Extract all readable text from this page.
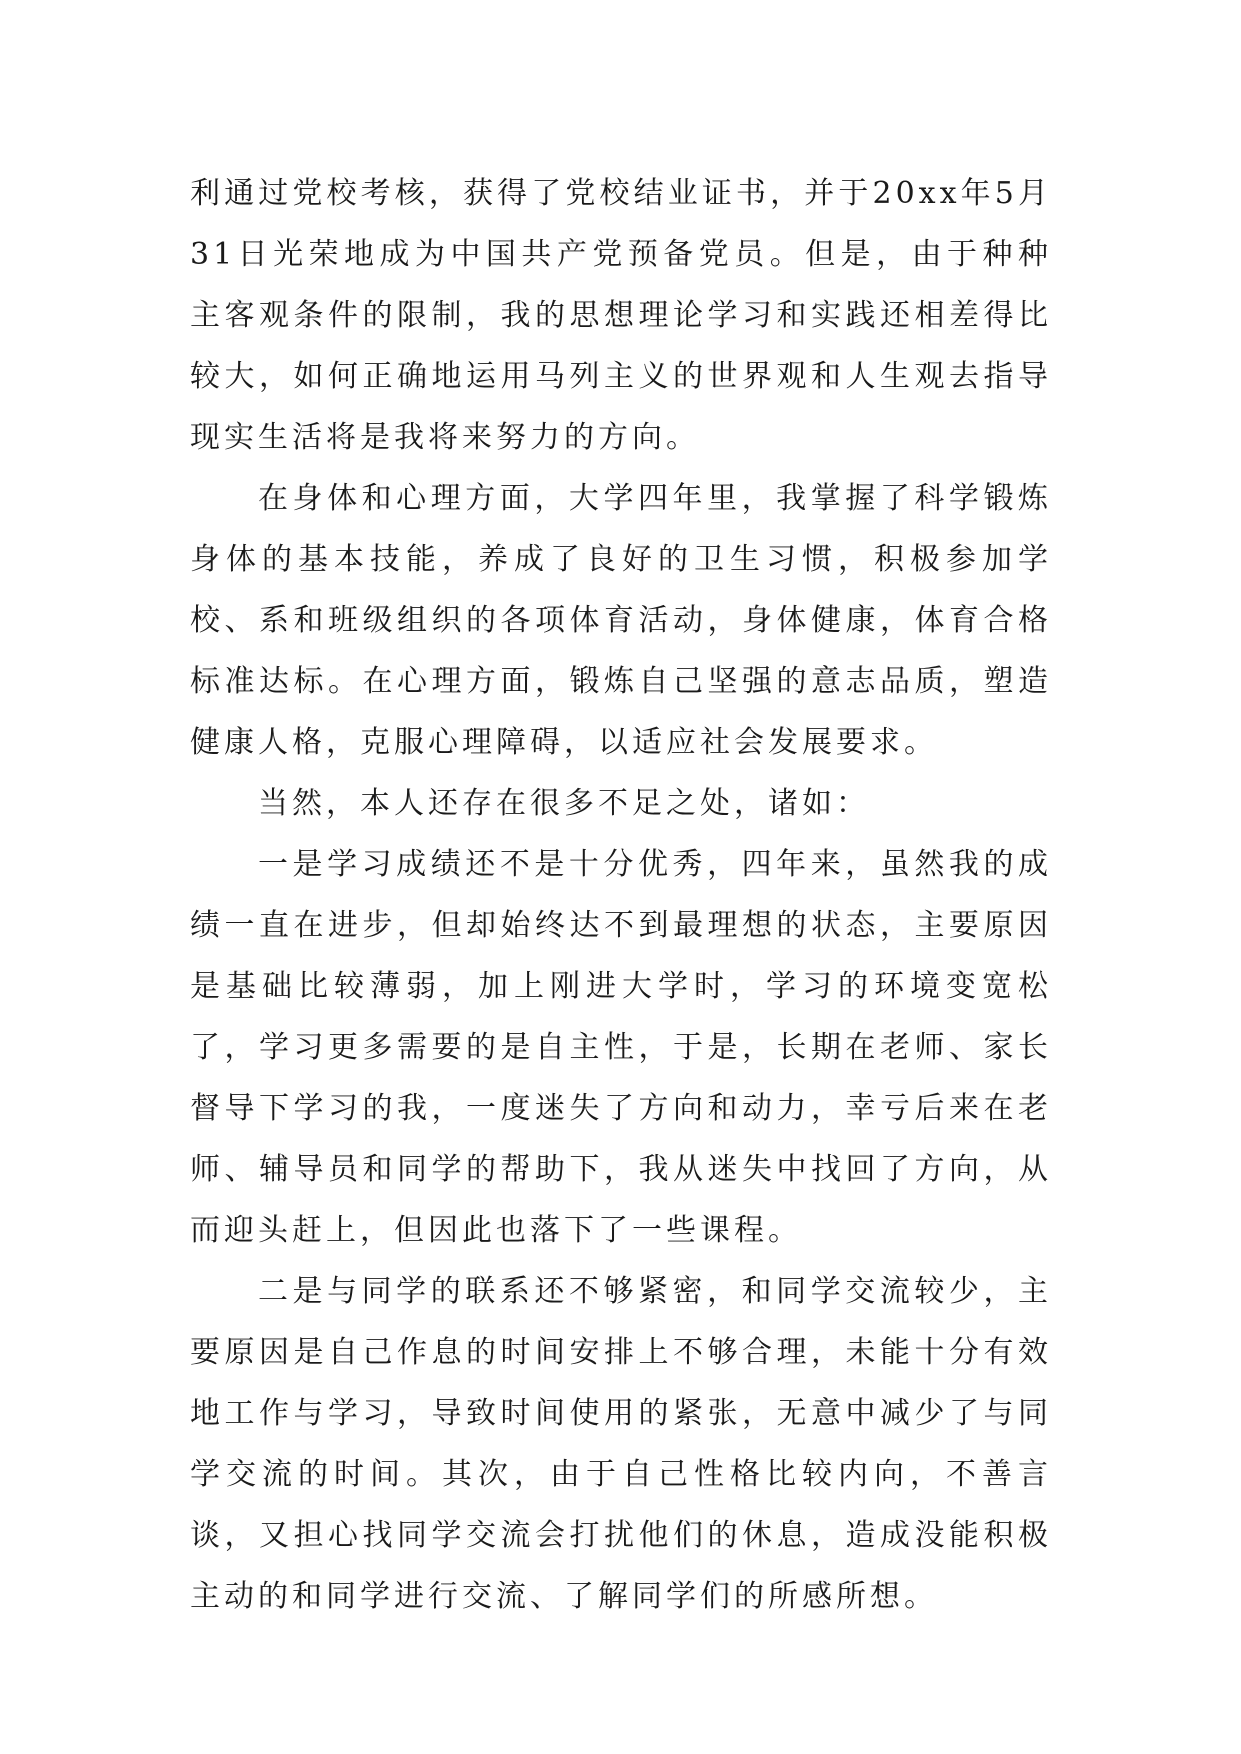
利通过党校考核，获得了党校结业证书，并于20xx年5月31日光荣地成为中国共产党预备党员。但是，由于种种主客观条件的限制，我的思想理论学习和实践还相差得比较大，如何正确地运用马列主义的世界观和人生观去指导现实生活将是我将来努力的方向。

在身体和心理方面，大学四年里，我掌握了科学锻炼身体的基本技能，养成了良好的卫生习惯，积极参加学校、系和班级组织的各项体育活动，身体健康，体育合格标准达标。在心理方面，锻炼自己坚强的意志品质，塑造健康人格，克服心理障碍，以适应社会发展要求。

当然，本人还存在很多不足之处，诸如：

一是学习成绩还不是十分优秀，四年来，虽然我的成绩一直在进步，但却始终达不到最理想的状态，主要原因是基础比较薄弱，加上刚进大学时，学习的环境变宽松了，学习更多需要的是自主性，于是，长期在老师、家长督导下学习的我，一度迷失了方向和动力，幸亏后来在老师、辅导员和同学的帮助下，我从迷失中找回了方向，从而迎头赶上，但因此也落下了一些课程。

二是与同学的联系还不够紧密，和同学交流较少，主要原因是自己作息的时间安排上不够合理，未能十分有效地工作与学习，导致时间使用的紧张，无意中减少了与同学交流的时间。其次，由于自己性格比较内向，不善言谈，又担心找同学交流会打扰他们的休息，造成没能积极主动的和同学进行交流、了解同学们的所感所想。
